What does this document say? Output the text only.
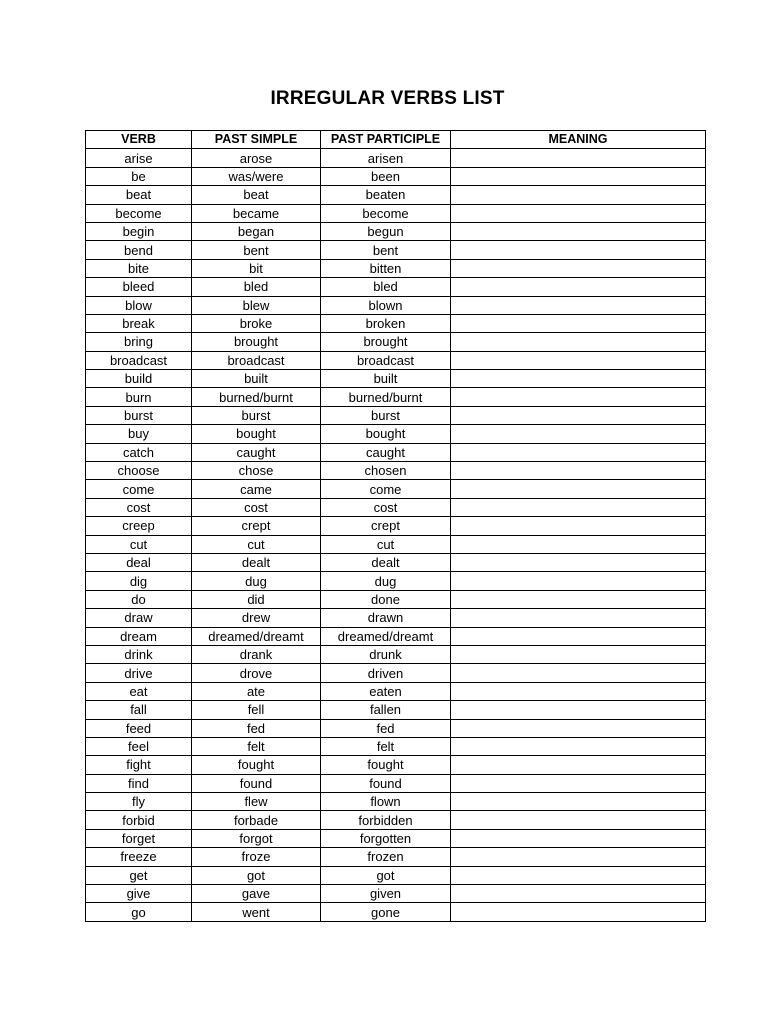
IRREGULAR VERBS LIST
VERB	PAST SIMPLE	PAST PARTICIPLE	MEANING
arise	arose	arisen	
be	was/were	been	
beat	beat	beaten	
become	became	become	
begin	began	begun	
bend	bent	bent	
bite	bit	bitten	
bleed	bled	bled	
blow	blew	blown	
break	broke	broken	
bring	brought	brought	
broadcast	broadcast	broadcast	
build	built	built	
burn	burned/burnt	burned/burnt	
burst	burst	burst	
buy	bought	bought	
catch	caught	caught	
choose	chose	chosen	
come	came	come	
cost	cost	cost	
creep	crept	crept	
cut	cut	cut	
deal	dealt	dealt	
dig	dug	dug	
do	did	done	
draw	drew	drawn	
dream	dreamed/dreamt	dreamed/dreamt	
drink	drank	drunk	
drive	drove	driven	
eat	ate	eaten	
fall	fell	fallen	
feed	fed	fed	
feel	felt	felt	
fight	fought	fought	
find	found	found	
fly	flew	flown	
forbid	forbade	forbidden	
forget	forgot	forgotten	
freeze	froze	frozen	
get	got	got	
give	gave	given	
go	went	gone	
